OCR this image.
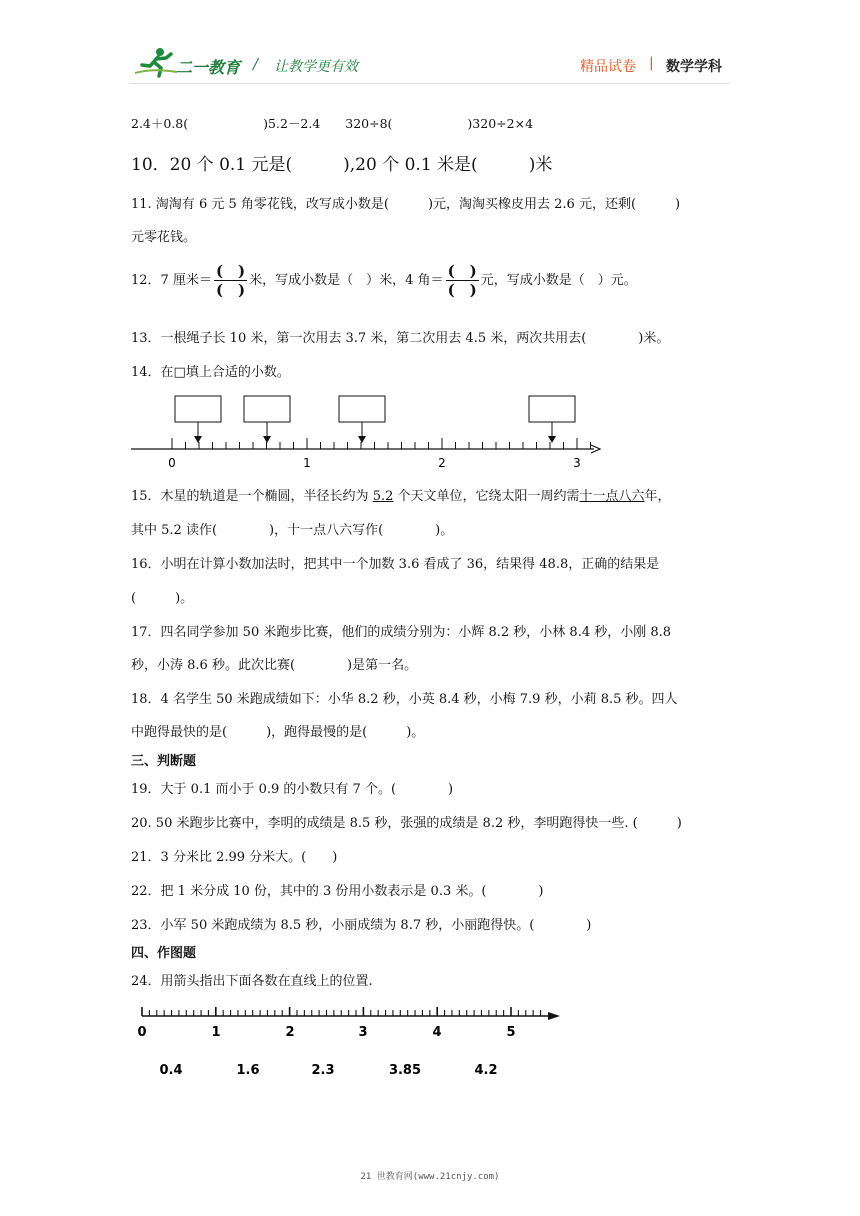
二一教育 / 让教学更有效	精品试卷 | 数学学科
2.4＋0.8(　　　　　　)5.2－2.4　　320÷8(　　　　　　)320÷2×4
10．20 个 0.1 元是(　　　),20 个 0.1 米是(　　　)米
11. 淘淘有 6 元 5 角零花钱，改写成小数是(　　　)元，淘淘买橡皮用去 2.6 元，还剩(　　　)
元零花钱。
12．7 厘米＝ $\frac{( )}{( )}$ 米，写成小数是（　）米，4 角＝ $\frac{( )}{( )}$ 元，写成小数是（　）元。
13．一根绳子长 10 米，第一次用去 3.7 米，第二次用去 4.5 米，两次共用去(　　　　)米。
14．在□填上合适的小数。
0	1	2	3
15．木星的轨道是一个椭圆，半径长约为 5.2 个天文单位，它绕太阳一周约需十一点八六年，
其中 5.2 读作(　　　　)，十一点八六写作(　　　　)。
16．小明在计算小数加法时，把其中一个加数 3.6 看成了 36，结果得 48.8，正确的结果是
(　　　)。
17．四名同学参加 50 米跑步比赛，他们的成绩分别为：小辉 8.2 秒，小林 8.4 秒，小刚 8.8
秒，小涛 8.6 秒。此次比赛(　　　　)是第一名。
18．4 名学生 50 米跑成绩如下：小华 8.2 秒，小英 8.4 秒，小梅 7.9 秒，小莉 8.5 秒。四人
中跑得最快的是(　　　)，跑得最慢的是(　　　)。
三、判断题
19．大于 0.1 而小于 0.9 的小数只有 7 个。(　　　　)
20. 50 米跑步比赛中，李明的成绩是 8.5 秒，张强的成绩是 8.2 秒，李明跑得快一些. (　　　)
21．3 分米比 2.99 分米大。(　　)
22．把 1 米分成 10 份，其中的 3 份用小数表示是 0.3 米。(　　　　)
23．小军 50 米跑成绩为 8.5 秒，小丽成绩为 8.7 秒，小丽跑得快。(　　　　)
四、作图题
24．用箭头指出下面各数在直线上的位置.
0	1	2	3	4	5
0.4	1.6	2.3	3.85	4.2
21 世教育网(www.21cnjy.com)
